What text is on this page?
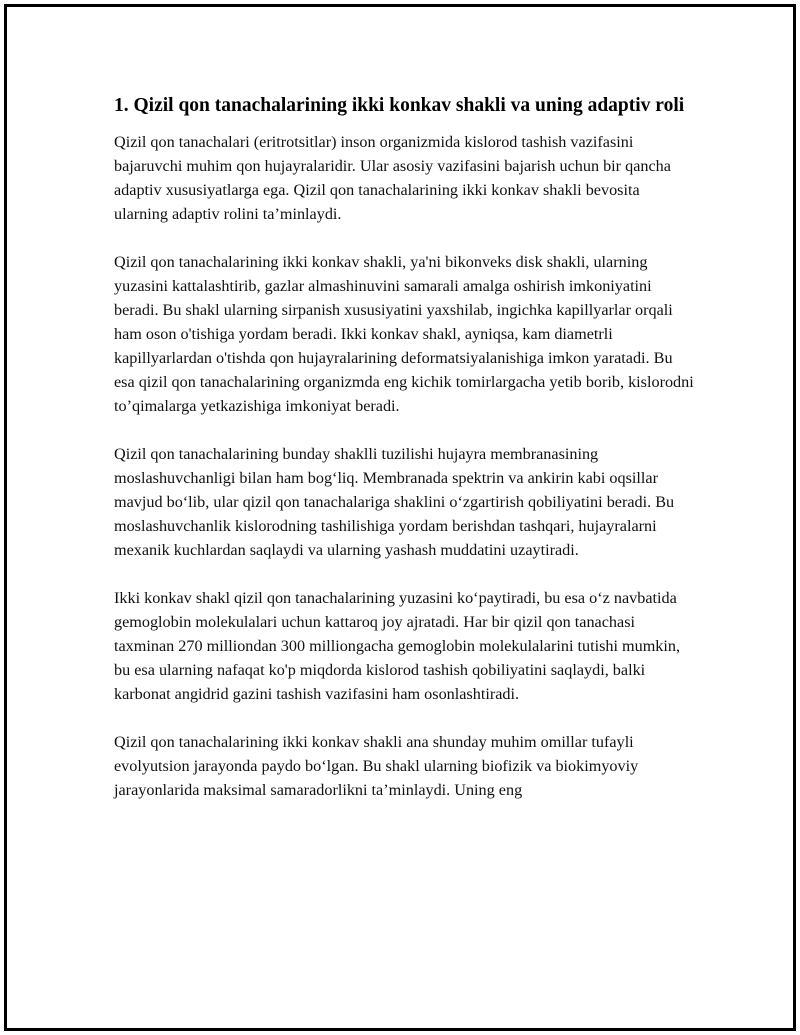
1. Qizil qon tanachalarining ikki konkav shakli va uning adaptiv roli

Qizil qon tanachalari (eritrotsitlar) inson organizmida kislorod tashish vazifasini bajaruvchi muhim qon hujayralaridir. Ular asosiy vazifasini bajarish uchun bir qancha adaptiv xususiyatlarga ega. Qizil qon tanachalarining ikki konkav shakli bevosita ularning adaptiv rolini ta’minlaydi.

Qizil qon tanachalarining ikki konkav shakli, ya'ni bikonveks disk shakli, ularning yuzasini kattalashtirib, gazlar almashinuvini samarali amalga oshirish imkoniyatini beradi. Bu shakl ularning sirpanish xususiyatini yaxshilab, ingichka kapillyarlar orqali ham oson o'tishiga yordam beradi. Ikki konkav shakl, ayniqsa, kam diametrli kapillyarlardan o'tishda qon hujayralarining deformatsiyalanishiga imkon yaratadi. Bu esa qizil qon tanachalarining organizmda eng kichik tomirlargacha yetib borib, kislorodni to’qimalarga yetkazishiga imkoniyat beradi.

Qizil qon tanachalarining bunday shaklli tuzilishi hujayra membranasining moslashuvchanligi bilan ham bog‘liq. Membranada spektrin va ankirin kabi oqsillar mavjud bo‘lib, ular qizil qon tanachalariga shaklini o‘zgartirish qobiliyatini beradi. Bu moslashuvchanlik kislorodning tashilishiga yordam berishdan tashqari, hujayralarni mexanik kuchlardan saqlaydi va ularning yashash muddatini uzaytiradi.

Ikki konkav shakl qizil qon tanachalarining yuzasini ko‘paytiradi, bu esa o‘z navbatida gemoglobin molekulalari uchun kattaroq joy ajratadi. Har bir qizil qon tanachasi taxminan 270 milliondan 300 milliongacha gemoglobin molekulalarini tutishi mumkin, bu esa ularning nafaqat ko'p miqdorda kislorod tashish qobiliyatini saqlaydi, balki karbonat angidrid gazini tashish vazifasini ham osonlashtiradi.

Qizil qon tanachalarining ikki konkav shakli ana shunday muhim omillar tufayli evolyutsion jarayonda paydo bo‘lgan. Bu shakl ularning biofizik va biokimyoviy jarayonlarida maksimal samaradorlikni ta’minlaydi. Uning eng
